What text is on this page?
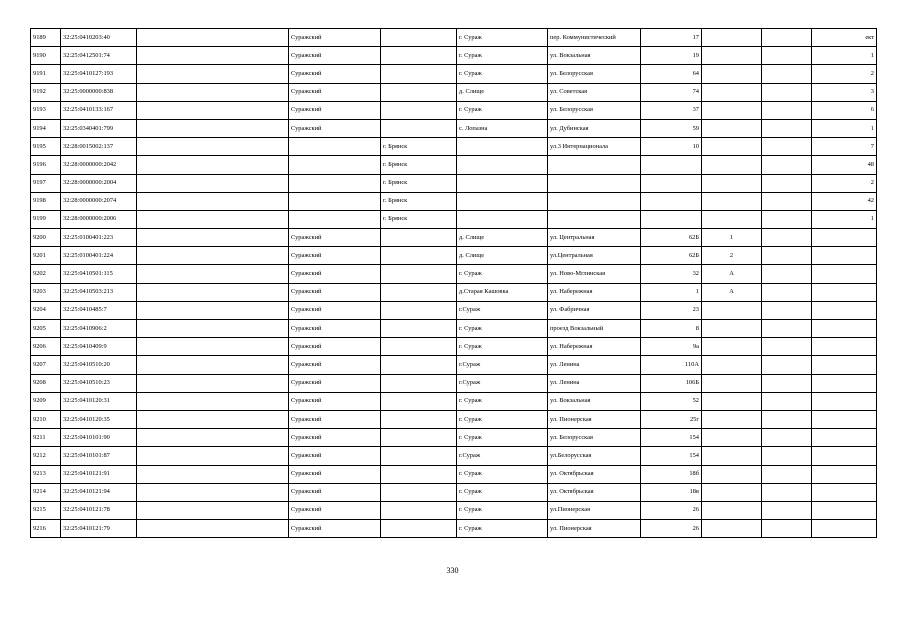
9189	32:25:0410203:40		Суражский		г. Сураж	пер. Коммунистический	17			ект
9190	32:25:0412501:74		Суражский		г. Сураж	ул. Вокзальная	19			1
9191	32:25:0410127:193		Суражский		г. Сураж	ул. Белорусская	64			2
9192	32:25:0000000:838		Суражский		д. Слище	ул. Советская	74			3
9193	32:25:0410133:167		Суражский		г. Сураж	ул. Белорусская	37			6
9194	32:25:0340401:799		Суражский		с. Лопазна	ул. Дубинская	59			1
9195	32:28:0015002:137			г. Брянск		ул.3 Интернационала	10			7
9196	32:28:0000000:2042			г. Брянск						48
9197	32:28:0000000:2004			г. Брянск						2
9198	32:28:0000000:2074			г. Брянск						42
9199	32:28:0000000:2006			г. Брянск						1
9200	32:25:0100401:223		Суражский		д. Слище	ул. Центральная	62Б	1		
9201	32:25:0100401:224		Суражский		д. Слище	ул.Центральная	62Б	2		
9202	32:25:0410501:115		Суражский		г. Сураж	ул. Ново-Мглинская	32	А		
9203	32:25:0410503:213		Суражский		д.Старая Кашовка	ул. Набережная	1	А		
9204	32:25:0410485:7		Суражский		г.Сураж	ул. Фабричная	23			
9205	32:25:0410906:2		Суражский		г. Сураж	проезд Вокзальный	8			
9206	32:25:0410409:9		Суражский		г. Сураж	ул. Набережная	9а			
9207	32:25:0410510:20		Суражский		г.Сураж	ул. Ленина	110А			
9208	32:25:0410510:23		Суражский		г.Сураж	ул. Ленина	106Б			
9209	32:25:0410120:31		Суражский		г. Сураж	ул. Вокзальная	52			
9210	32:25:0410120:35		Суражский		г. Сураж	ул. Пионерская	25г			
9211	32:25:0410101:90		Суражский		г. Сураж	ул. Белорусская	154			
9212	32:25:0410101:87		Суражский		г.Сураж	ул.Белорусская	154			
9213	32:25:0410121:91		Суражский		г. Сураж	ул. Октябрьская	18б			
9214	32:25:0410121:94		Суражский		г. Сураж	ул. Октябрьская	18в			
9215	32:25:0410121:78		Суражский		г. Сураж	ул.Пионерская	26			
9216	32:25:0410121:79		Суражский		г. Сураж	ул. Пионерская	26			
330
